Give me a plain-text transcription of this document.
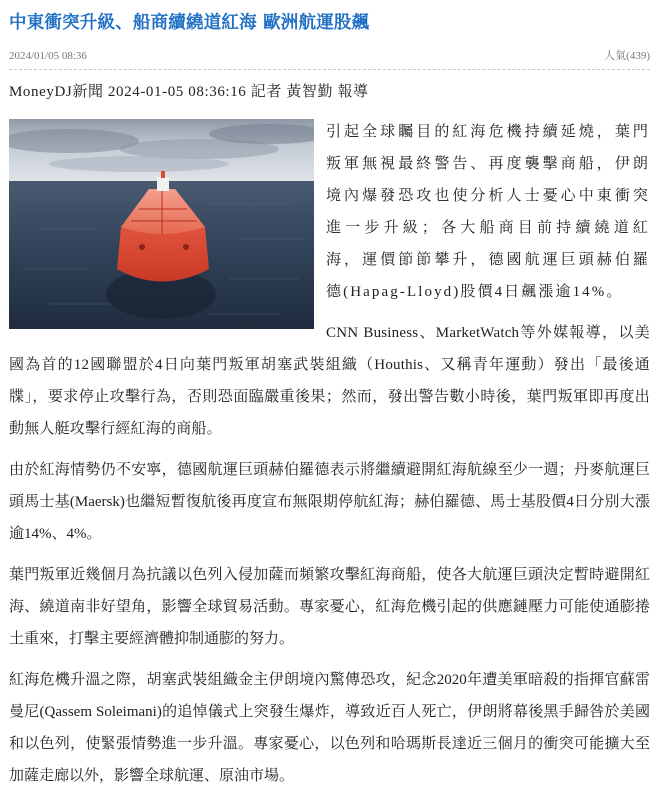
中東衝突升級、船商續繞道紅海 歐洲航運股飆
2024/01/05 08:36	人氣(439)
MoneyDJ新聞 2024-01-05 08:36:16 記者 黃智勤 報導

引起全球矚目的紅海危機持續延燒，葉門叛軍無視最終警告、再度襲擊商船，伊朗境內爆發恐攻也使分析人士憂心中東衝突進一步升級；各大船商目前持續繞道紅海，運價節節攀升，德國航運巨頭赫伯羅德(Hapag-Lloyd)股價4日飆漲逾14%。

CNN Business、MarketWatch等外媒報導，以美國為首的12國聯盟於4日向葉門叛軍胡塞武裝組織（Houthis、又稱青年運動）發出「最後通牒」，要求停止攻擊行為，否則恐面臨嚴重後果；然而，發出警告數小時後，葉門叛軍即再度出動無人艇攻擊行經紅海的商船。

由於紅海情勢仍不安寧，德國航運巨頭赫伯羅德表示將繼續避開紅海航線至少一週；丹麥航運巨頭馬士基(Maersk)也繼短暫復航後再度宣布無限期停航紅海；赫伯羅德、馬士基股價4日分別大漲逾14%、4%。

葉門叛軍近幾個月為抗議以色列入侵加薩而頻繁攻擊紅海商船，使各大航運巨頭決定暫時避開紅海、繞道南非好望角，影響全球貿易活動。專家憂心，紅海危機引起的供應鏈壓力可能使通膨捲土重來，打擊主要經濟體抑制通膨的努力。

紅海危機升溫之際，胡塞武裝組織金主伊朗境內驚傳恐攻，紀念2020年遭美軍暗殺的指揮官蘇雷曼尼(Qassem Soleimani)的追悼儀式上突發生爆炸，導致近百人死亡，伊朗將幕後黑手歸咎於美國和以色列，使緊張情勢進一步升溫。專家憂心，以色列和哈瑪斯長達近三個月的衝突可能擴大至加薩走廊以外，影響全球航運、原油市場。
